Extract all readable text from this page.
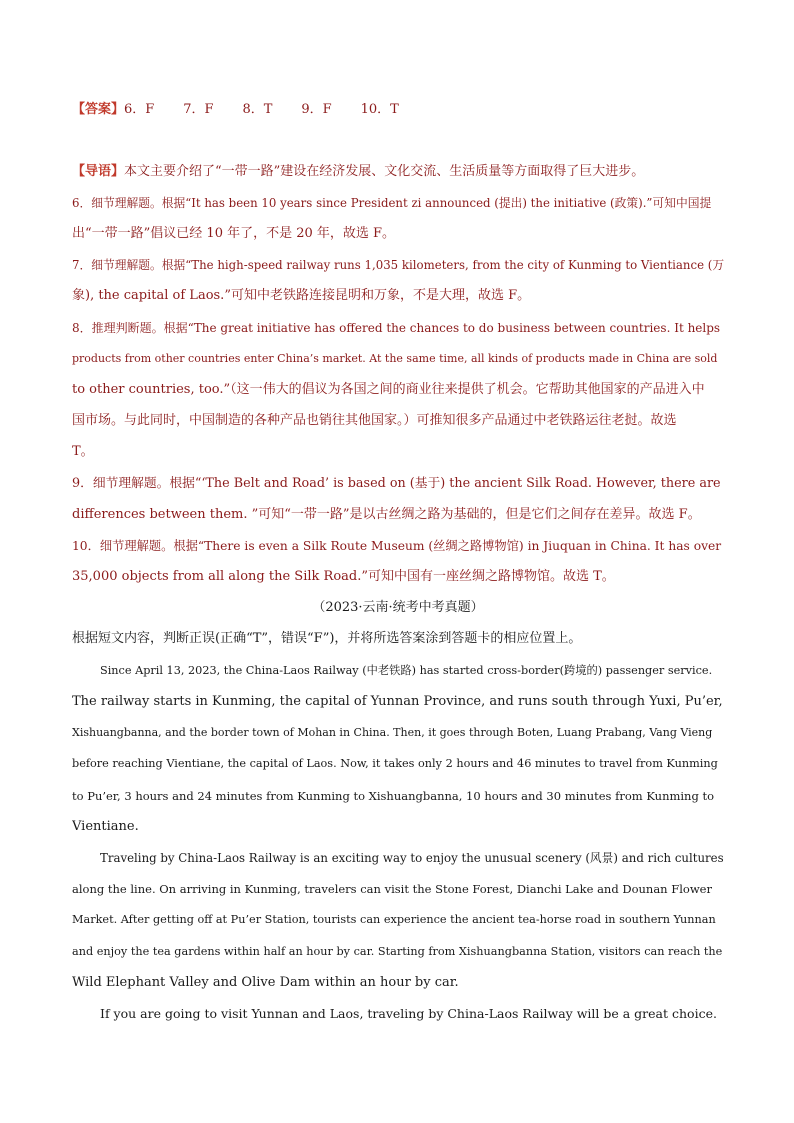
【答案】6．F 7．F 8．T 9．F 10．T
【导语】本文主要介绍了“一带一路”建设在经济发展、文化交流、生活质量等方面取得了巨大进步。
6．细节理解题。根据“It has been 10 years since President zi announced (提出) the initiative (政策).”可知中国提
出“一带一路”倡议已经 10 年了，不是 20 年，故选 F。
7．细节理解题。根据“The high-speed railway runs 1,035 kilometers, from the city of Kunming to Vientiance (万
象), the capital of Laos.”可知中老铁路连接昆明和万象，不是大理，故选 F。
8．推理判断题。根据“The great initiative has offered the chances to do business between countries. It helps
products from other countries enter China’s market. At the same time, all kinds of products made in China are sold
to other countries, too.”（这一伟大的倡议为各国之间的商业往来提供了机会。它帮助其他国家的产品进入中
国市场。与此同时，中国制造的各种产品也销往其他国家。）可推知很多产品通过中老铁路运往老挝。故选
T。
9．细节理解题。根据“‘The Belt and Road’ is based on (基于) the ancient Silk Road. However, there are
differences between them. ”可知“一带一路”是以古丝绸之路为基础的，但是它们之间存在差异。故选 F。
10．细节理解题。根据“There is even a Silk Route Museum (丝绸之路博物馆) in Jiuquan in China. It has over
35,000 objects from all along the Silk Road.”可知中国有一座丝绸之路博物馆。故选 T。
（2023·云南·统考中考真题）
根据短文内容，判断正误(正确“T”，错误“F”)，并将所选答案涂到答题卡的相应位置上。
Since April 13, 2023, the China-Laos Railway (中老铁路) has started cross-border(跨境的) passenger service.
The railway starts in Kunming, the capital of Yunnan Province, and runs south through Yuxi, Pu’er,
Xishuangbanna, and the border town of Mohan in China. Then, it goes through Boten, Luang Prabang, Vang Vieng
before reaching Vientiane, the capital of Laos. Now, it takes only 2 hours and 46 minutes to travel from Kunming
to Pu’er, 3 hours and 24 minutes from Kunming to Xishuangbanna, 10 hours and 30 minutes from Kunming to
Vientiane.
Traveling by China-Laos Railway is an exciting way to enjoy the unusual scenery (风景) and rich cultures
along the line. On arriving in Kunming, travelers can visit the Stone Forest, Dianchi Lake and Dounan Flower
Market. After getting off at Pu’er Station, tourists can experience the ancient tea-horse road in southern Yunnan
and enjoy the tea gardens within half an hour by car. Starting from Xishuangbanna Station, visitors can reach the
Wild Elephant Valley and Olive Dam within an hour by car.
If you are going to visit Yunnan and Laos, traveling by China-Laos Railway will be a great choice.
